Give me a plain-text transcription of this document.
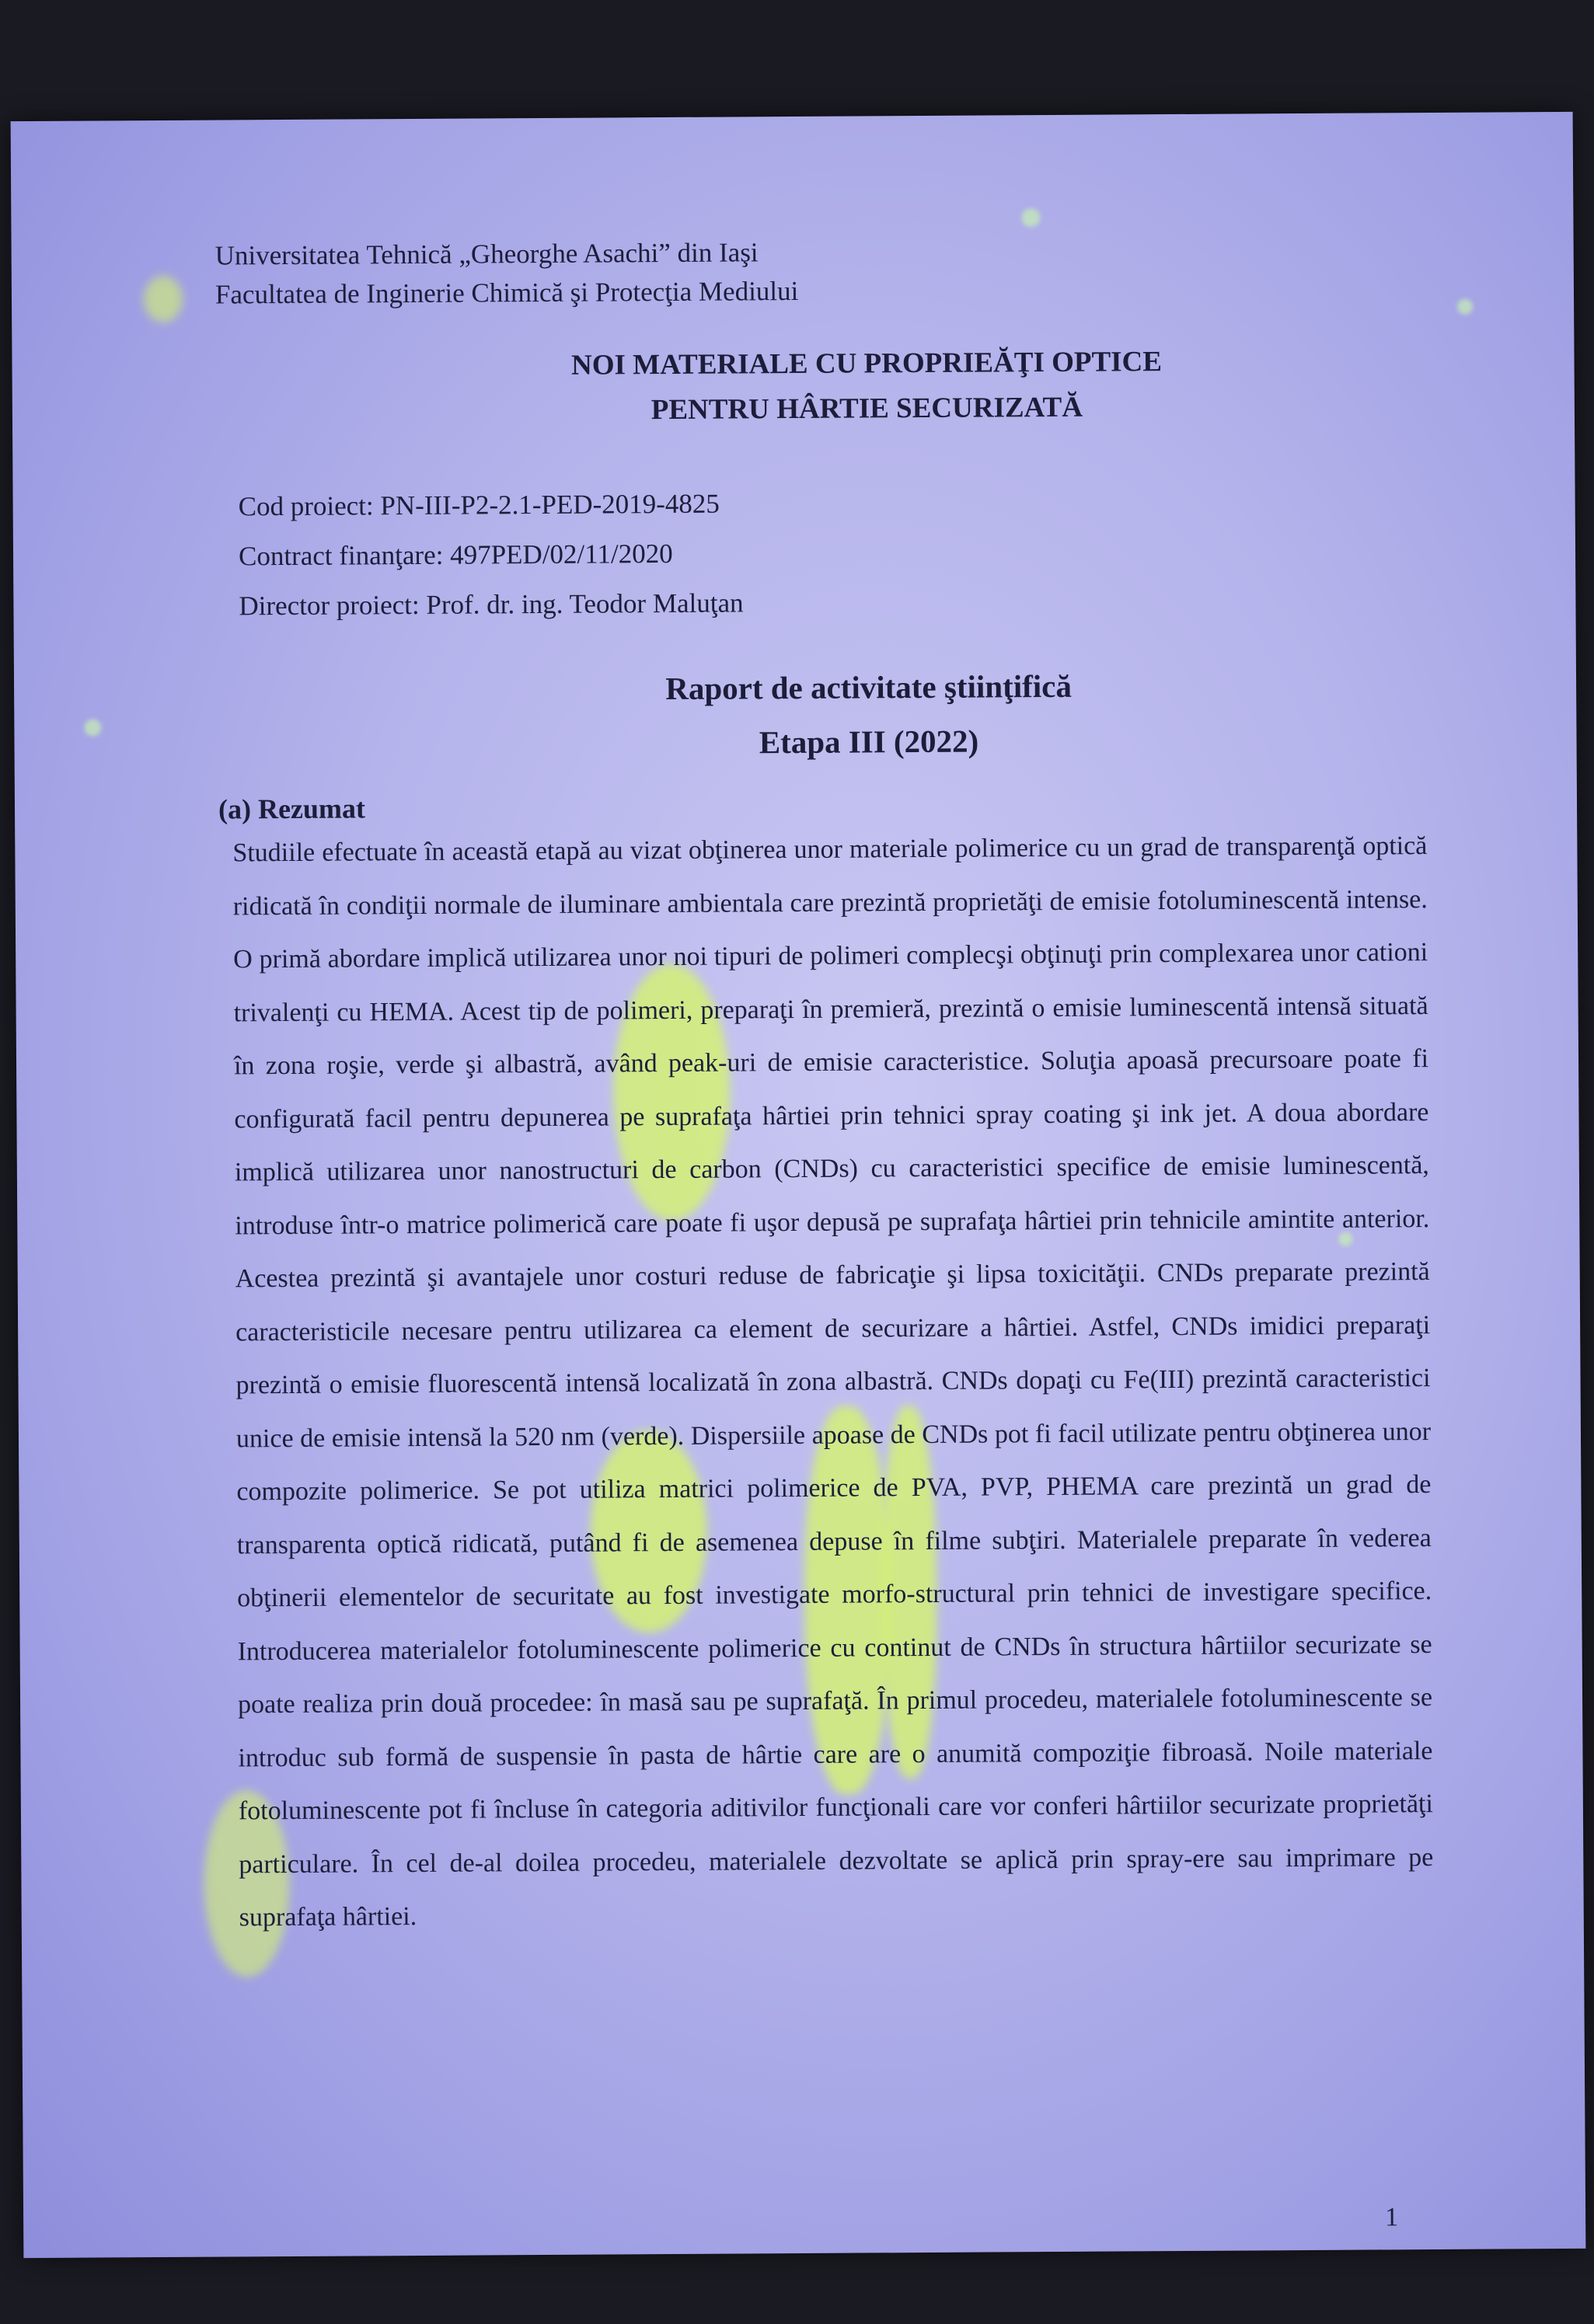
Universitatea Tehnică „Gheorghe Asachi” din Iaşi
Facultatea de Inginerie Chimică şi Protecţia Mediului
NOI MATERIALE CU PROPRIEĂŢI OPTICE
PENTRU HÂRTIE SECURIZATĂ
Cod proiect: PN-III-P2-2.1-PED-2019-4825
Contract finanţare: 497PED/02/11/2020
Director proiect: Prof. dr. ing. Teodor Maluţan
Raport de activitate ştiinţifică
Etapa III (2022)
(a) Rezumat

Studiile efectuate în această etapă au vizat obţinerea unor materiale polimerice cu un grad de transparenţă optică ridicată în condiţii normale de iluminare ambientala care prezintă proprietăţi de emisie fotoluminescentă intense. O primă abordare implică utilizarea unor noi tipuri de polimeri complecşi obţinuţi prin complexarea unor cationi trivalenţi cu HEMA. Acest tip de polimeri, preparaţi în premieră, prezintă o emisie luminescentă intensă situată în zona roşie, verde şi albastră, având peak-uri de emisie caracteristice. Soluţia apoasă precursoare poate fi configurată facil pentru depunerea pe suprafaţa hârtiei prin tehnici spray coating şi ink jet. A doua abordare implică utilizarea unor nanostructuri de carbon (CNDs) cu caracteristici specifice de emisie luminescentă, introduse într-o matrice polimerică care poate fi uşor depusă pe suprafaţa hârtiei prin tehnicile amintite anterior. Acestea prezintă şi avantajele unor costuri reduse de fabricaţie şi lipsa toxicităţii. CNDs preparate prezintă caracteristicile necesare pentru utilizarea ca element de securizare a hârtiei. Astfel, CNDs imidici preparaţi prezintă o emisie fluorescentă intensă localizată în zona albastră. CNDs dopaţi cu Fe(III) prezintă caracteristici unice de emisie intensă la 520 nm (verde). Dispersiile apoase de CNDs pot fi facil utilizate pentru obţinerea unor compozite polimerice. Se pot utiliza matrici polimerice de PVA, PVP, PHEMA care prezintă un grad de transparenta optică ridicată, putând fi de asemenea depuse în filme subţiri. Materialele preparate în vederea obţinerii elementelor de securitate au fost investigate morfo-structural prin tehnici de investigare specifice. Introducerea materialelor fotoluminescente polimerice cu continut de CNDs în structura hârtiilor securizate se poate realiza prin două procedee: în masă sau pe suprafaţă. În primul procedeu, materialele fotoluminescente se introduc sub formă de suspensie în pasta de hârtie care are o anumită compoziţie fibroasă. Noile materiale fotoluminescente pot fi încluse în categoria aditivilor funcţionali care vor conferi hârtiilor securizate proprietăţi particulare. În cel de-al doilea procedeu, materialele dezvoltate se aplică prin spray-ere sau imprimare pe suprafaţa hârtiei.

1
